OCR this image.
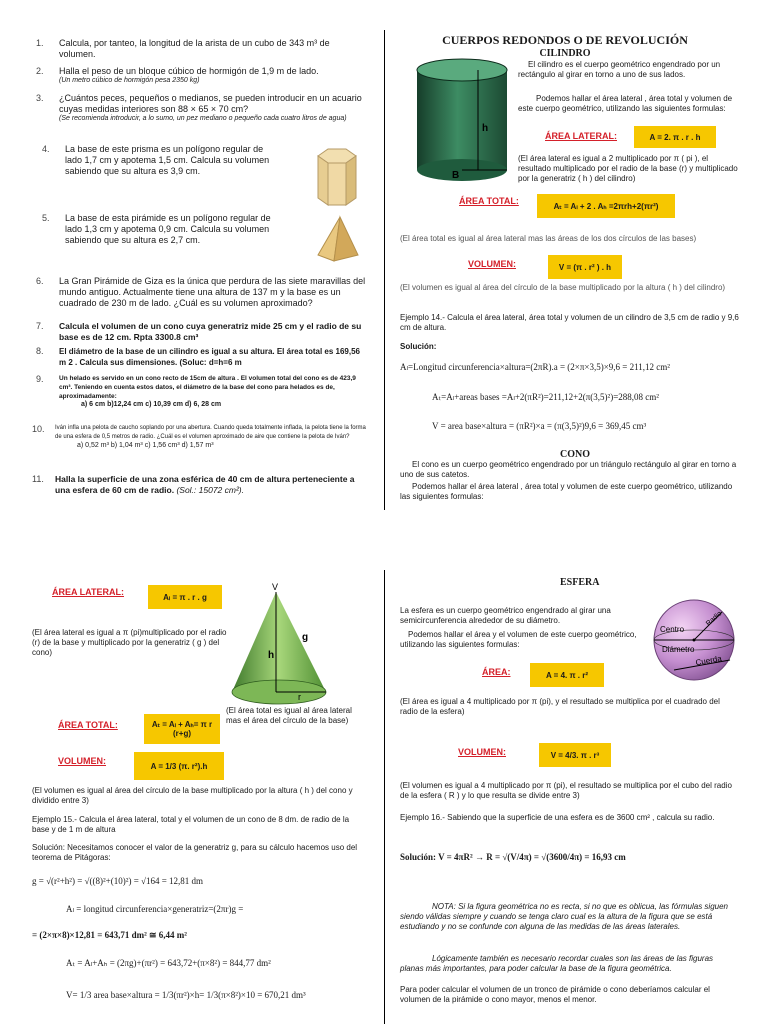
1. Calcula, por tanteo, la longitud de la arista de un cubo de 343 m³ de volumen.
2. Halla el peso de un bloque cúbico de hormigón de 1,9 m de lado.
(Un metro cúbico de hormigón pesa 2350 kg)
3. ¿Cuántos peces, pequeños o medianos, se pueden introducir en un acuario cuyas medidas interiores son 88 × 65 × 70 cm?
(Se recomienda introducir, a lo sumo, un pez mediano o pequeño cada cuatro litros de agua)
4. La base de este prisma es un polígono regular de lado 1,7 cm y apotema 1,5 cm. Calcula su volumen sabiendo que su altura es 3,9 cm.
5. La base de esta pirámide es un polígono regular de lado 1,3 cm y apotema 0,9 cm. Calcula su volumen sabiendo que su altura es 2,7 cm.
6. La Gran Pirámide de Giza es la única que perdura de las siete maravillas del mundo antiguo. Actualmente tiene una altura de 137 m y la base es un cuadrado de 230 m de lado. ¿Cuál es su volumen aproximado?
7. Calcula el volumen de un cono cuya generatriz mide 25 cm y el radio de su base es de 12 cm. Rpta 3300.8 cm³
8. El diámetro de la base de un cilindro es igual a su altura. El área total es 169,56 m 2 . Calcula sus dimensiones. (Soluc: d=h=6 m
9. Un helado es servido en un cono recto de 15cm de altura . El volumen total del cono es de 423,9 cm³. Teniendo en cuenta estos datos, el diámetro de la base del cono para helados es de, aproximadamente:
a) 6 cm b)12,24 cm c) 10,39 cm d) 6, 28 cm
10. Iván infla una pelota de caucho soplando por una abertura. Cuando queda totalmente inflada, la pelota tiene la forma de una esfera de 0,5 metros de radio. ¿Cuál es el volumen aproximado de aire que contiene la pelota de Iván?
a) 0,52 m³ b) 1,04 m³ c) 1,56 cm³ d) 1,57 m³
11. Halla la superficie de una zona esférica de 40 cm de altura perteneciente a una esfera de 60 cm de radio. (Sol.: 15072 cm²).
CUERPOS REDONDOS O DE REVOLUCIÓN
CILINDRO
h
B
El cilindro es el cuerpo geométrico engendrado por un rectángulo al girar en torno a uno de sus lados.
Podemos hallar el área lateral , área total y volumen de este cuerpo geométrico, utilizando las siguientes formulas:
ÁREA LATERAL:	A = 2. π . r . h
(El área lateral es igual a 2 multiplicado por π ( pi ), el resultado multiplicado por el radio de la base (r) y multiplicado por la generatriz ( h ) del cilindro)
ÁREA TOTAL:	Aₜ = Aₗ + 2 . Aₕ =2πrh+2(πr²)
(El área total es igual al área lateral mas las áreas de los dos círculos de las bases)
VOLUMEN:	V = (π . r² ) . h
(El volumen es igual al área del círculo de la base multiplicado por la altura ( h ) del cilindro)
Ejemplo 14.- Calcula el área lateral, área total y volumen de un cilindro de 3,5 cm de radio y 9,6 cm de altura.
Solución:
Aₗ=Longitud circunferencia×altura=(2πR).a = (2×π×3,5)×9,6 = 211,12 cm²
Aₜ=Aₗ+areas bases =Aₗ+2(πR²)=211,12+2(π(3,5)²)=288,08 cm²
V = area base×altura = (πR²)×a = (π(3,5)²)9,6 = 369,45 cm³
CONO
El cono es un cuerpo geométrico engendrado por un triángulo rectángulo al girar en torno a uno de sus catetos.
Podemos hallar el área lateral , área total y volumen de este cuerpo geométrico, utilizando las siguientes formulas:
ÁREA LATERAL:	Aₗ = π . r . g
V
g
h
r
(El área lateral es igual a π (pi)multiplicado por el radio (r) de la base y multiplicado por la generatriz ( g ) del cono)
(El área total es igual al área lateral mas el área del círculo de la base)
ÁREA TOTAL:	Aₜ = Aₗ + Aₕ= π r (r+g)
VOLUMEN:	A = 1/3 (π. r²).h
(El volumen es igual al área del círculo de la base multiplicado por la altura ( h ) del cono y dividido entre 3)
Ejemplo 15.- Calcula el área lateral, total y el volumen de un cono de 8 dm. de radio de la base y de 1 m de altura
Solución: Necesitamos conocer el valor de la generatriz g, para su cálculo hacemos uso del teorema de Pitágoras:
g = √(r²+h²) = √((8)²+(10)²) = √164 = 12,81 dm
Aₗ = longitud circunferencia×generatriz=(2πr)g =
= (2×π×8)×12,81 = 643,71 dm² ≅ 6,44 m²
Aₜ = Aₗ+Aₕ = (2πg)+(πr²) = 643,72+(π×8²) = 844,77 dm²
V= 1/3 area base×altura = 1/3(πr²)×h= 1/3(π×8²)×10 = 670,21 dm³
ESFERA
La esfera es un cuerpo geométrico engendrado al girar una semicircunferencia alrededor de su diámetro.
Podemos hallar el área y el volumen de este cuerpo geométrico, utilizando las siguientes formulas:
Centro
Radio
Diámetro
Cuerda
ÁREA:	A = 4. π . r²
(El área es igual a 4 multiplicado por π (pi), y el resultado se multiplica por el cuadrado del radio de la esfera)
VOLUMEN:	V = 4/3. π . r³
(El volumen es igual a 4 multiplicado por π (pi), el resultado se multiplica por el cubo del radio de la esfera ( R ) y lo que resulta se divide entre 3)
Ejemplo 16.- Sabiendo que la superficie de una esfera es de 3600 cm² , calcula su radio.
Solución: V = 4πR² → R = √(V/4π) = √(3600/4π) = 16,93 cm
NOTA: Si la figura geométrica no es recta, si no que es oblicua, las fórmulas siguen siendo válidas siempre y cuando se tenga claro cual es la altura de la figura que se está estudiando y no se confunde con alguna de las medidas de las áreas laterales.
Lógicamente también es necesario recordar cuales son las áreas de las figuras planas más importantes, para poder calcular la base de la figura geométrica.
Para poder calcular el volumen de un tronco de pirámide o cono deberíamos calcular el volumen de la pirámide o cono mayor, menos el menor.
